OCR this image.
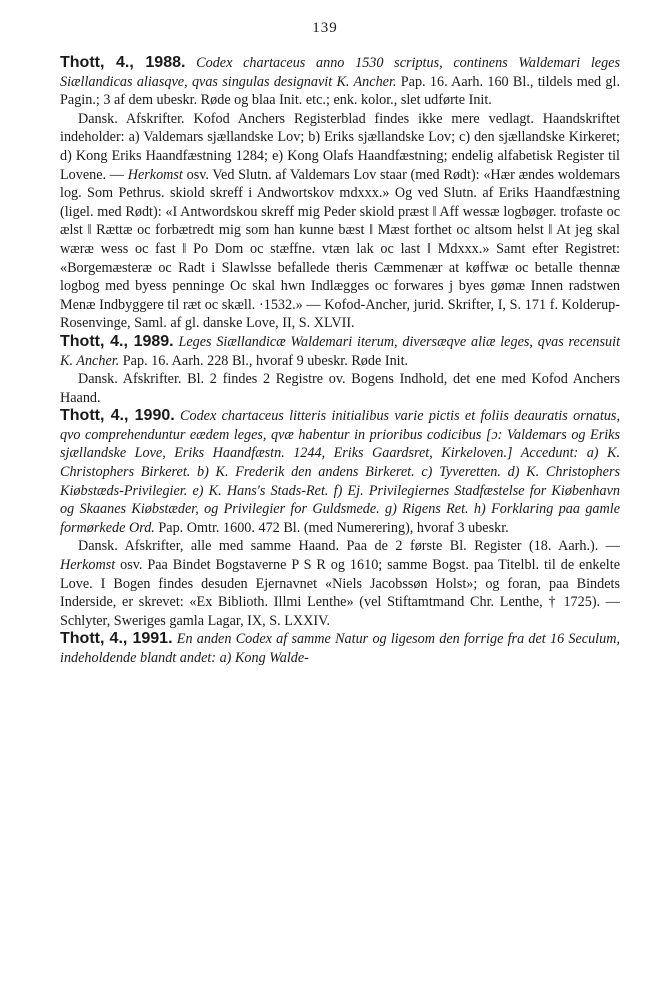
139

Thott, 4., 1988. Codex chartaceus anno 1530 scriptus, continens Waldemari leges Siællandicas aliasqve, qvas singulas designavit K. Ancher. Pap. 16. Aarh. 160 Bl., tildels med gl. Pagin.; 3 af dem ubeskr. Røde og blaa Init. etc.; enk. kolor., slet udførte Init.

Dansk. Afskrifter. Kofod Anchers Registerblad findes ikke mere vedlagt. Haandskriftet indeholder: a) Valdemars sjællandske Lov; b) Eriks sjællandske Lov; c) den sjællandske Kirkeret; d) Kong Eriks Haandfæstning 1284; e) Kong Olafs Haandfæstning; endelig alfabetisk Register til Lovene. — Herkomst osv. Ved Slutn. af Valdemars Lov staar (med Rødt): «Hær ændes woldemars log. Som Pethrus. skiold skreff i Andwortskov mdxxx.» Og ved Slutn. af Eriks Haandfæstning (ligel. med Rødt): «I Antwordskou skreff mig Peder skiold præst ‖ Aff wessæ logbøger. trofaste oc ælst ‖ Rættæ oc forbætredt mig som han kunne bæst ‖ Mæst forthet oc altsom helst ‖ At jeg skal wæræ wess oc fast ‖ Po Dom oc stæffne. vtæn lak oc last ‖ Mdxxx.» Samt efter Registret: «Borgemæsteræ oc Radt i Slawlsse befallede theris Cæmmenær at køffwæ oc betalle thennæ logbog med byess penninge Oc skal hwn Indlægges oc forwares j byes gømæ Innen radstwen Menæ Indbyggere til ræt oc skæll. ·1532.» — Kofod-Ancher, jurid. Skrifter, I, S. 171 f. Kolderup-Rosenvinge, Saml. af gl. danske Love, II, S. XLVII.

Thott, 4., 1989. Leges Siællandicæ Waldemari iterum, diversæqve aliæ leges, qvas recensuit K. Ancher. Pap. 16. Aarh. 228 Bl., hvoraf 9 ubeskr. Røde Init.

Dansk. Afskrifter. Bl. 2 findes 2 Registre ov. Bogens Indhold, det ene med Kofod Anchers Haand.

Thott, 4., 1990. Codex chartaceus litteris initialibus varie pictis et foliis deauratis ornatus, qvo comprehenduntur eædem leges, qvæ habentur in prioribus codicibus [ɔ: Valdemars og Eriks sjællandske Love, Eriks Haandfæstn. 1244, Eriks Gaardsret, Kirkeloven.] Accedunt: a) K. Christophers Birkeret. b) K. Frederik den andens Birkeret. c) Tyveretten. d) K. Christophers Kiøbstæds-Privilegier. e) K. Hans's Stads-Ret. f) Ej. Privilegiernes Stadfæstelse for Kiøbenhavn og Skaanes Kiøbstæder, og Privilegier for Guldsmede. g) Rigens Ret. h) Forklaring paa gamle formørkede Ord. Pap. Omtr. 1600. 472 Bl. (med Numerering), hvoraf 3 ubeskr.

Dansk. Afskrifter, alle med samme Haand. Paa de 2 første Bl. Register (18. Aarh.). — Herkomst osv. Paa Bindet Bogstaverne P S R og 1610; samme Bogst. paa Titelbl. til de enkelte Love. I Bogen findes desuden Ejernavnet «Niels Jacobssøn Holst»; og foran, paa Bindets Inderside, er skrevet: «Ex Biblioth. Illmi Lenthe» (vel Stiftamtmand Chr. Lenthe, † 1725). — Schlyter, Sweriges gamla Lagar, IX, S. LXXIV.

Thott, 4., 1991. En anden Codex af samme Natur og ligesom den forrige fra det 16 Seculum, indeholdende blandt andet: a) Kong Walde-
